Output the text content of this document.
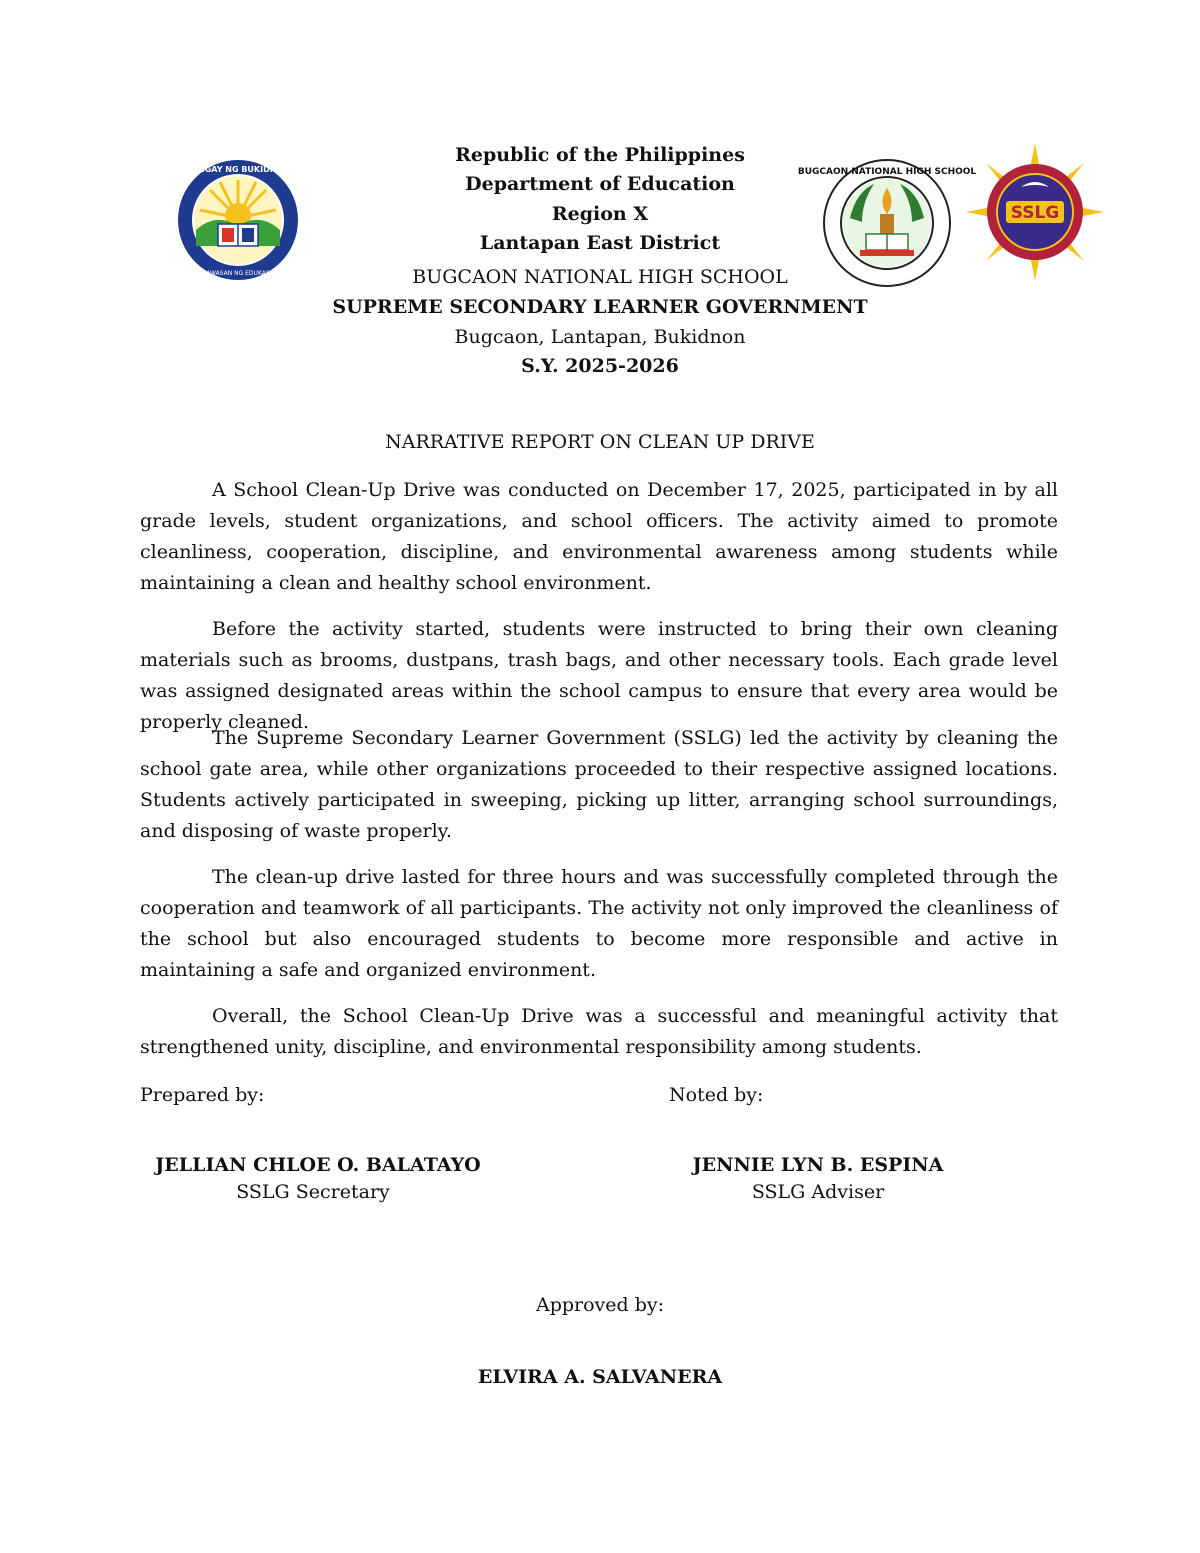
SANGAY NG BUKIDNON
KAHAWASAN NG EDUKASYON
BUGCAON NATIONAL HIGH SCHOOL
SSLG
Republic of the Philippines
Department of Education
Region X
Lantapan East District
BUGCAON NATIONAL HIGH SCHOOL
SUPREME SECONDARY LEARNER GOVERNMENT
Bugcaon, Lantapan, Bukidnon
S.Y. 2025-2026
NARRATIVE REPORT ON CLEAN UP DRIVE

A School Clean-Up Drive was conducted on December 17, 2025, participated in by all grade levels, student organizations, and school officers. The activity aimed to promote cleanliness, cooperation, discipline, and environmental awareness among students while maintaining a clean and healthy school environment.

Before the activity started, students were instructed to bring their own cleaning materials such as brooms, dustpans, trash bags, and other necessary tools. Each grade level was assigned designated areas within the school campus to ensure that every area would be properly cleaned.

The Supreme Secondary Learner Government (SSLG) led the activity by cleaning the school gate area, while other organizations proceeded to their respective assigned locations. Students actively participated in sweeping, picking up litter, arranging school surroundings, and disposing of waste properly.

The clean-up drive lasted for three hours and was successfully completed through the cooperation and teamwork of all participants. The activity not only improved the cleanliness of the school but also encouraged students to become more responsible and active in maintaining a safe and organized environment.

Overall, the School Clean-Up Drive was a successful and meaningful activity that strengthened unity, discipline, and environmental responsibility among students.

Prepared by:	Noted by:
JELLIAN CHLOE O. BALATAYO
SSLG Secretary
JENNIE LYN B. ESPINA
SSLG Adviser
Approved by:
ELVIRA A. SALVANERA
